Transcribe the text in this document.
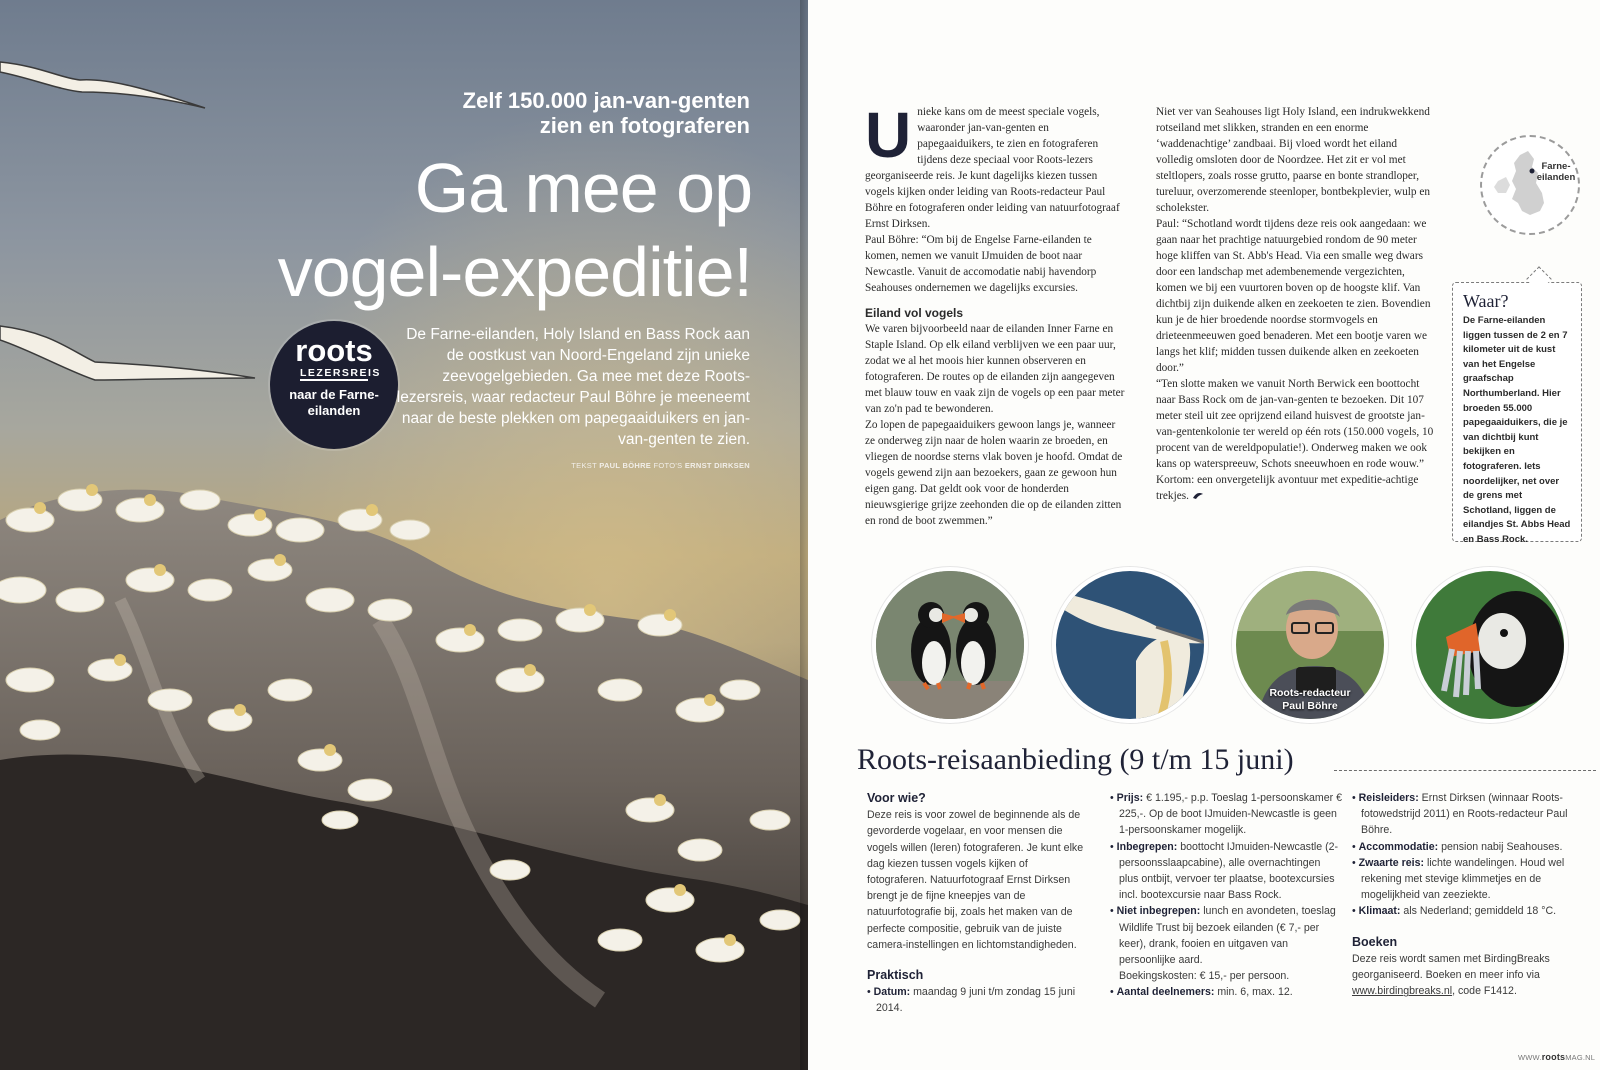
Zelf 150.000 jan-van-genten
zien en fotograferen
Ga mee op
vogel-expeditie!
roots
LEZERSREIS
naar de Farne-eilanden

De Farne-eilanden, Holy Island en Bass Rock aan de oostkust van Noord-Engeland zijn unieke zeevogelgebieden. Ga mee met deze Roots-lezersreis, waar redacteur Paul Böhre je meeneemt naar de beste plekken om papegaaiduikers en jan-van-genten te zien.

TEKST PAUL BÖHRE FOTO'S ERNST DIRKSEN
U nieke kans om de meest speciale vogels, waaronder jan-van-genten en papegaaiduikers, te zien en fotograferen tijdens deze speciaal voor Roots-lezers georganiseerde reis. Je kunt dagelijks kiezen tussen vogels kijken onder leiding van Roots-redacteur Paul Böhre en fotograferen onder leiding van natuurfotograaf Ernst Dirksen.

Paul Böhre: “Om bij de Engelse Farne-eilanden te komen, nemen we vanuit IJmuiden de boot naar Newcastle. Vanuit de accomodatie nabij havendorp Seahouses ondernemen we dagelijks excursies.

Eiland vol vogels

We varen bijvoorbeeld naar de eilanden Inner Farne en Staple Island. Op elk eiland verblijven we een paar uur, zodat we al het moois hier kunnen observeren en fotograferen. De routes op de eilanden zijn aangegeven met blauw touw en vaak zijn de vogels op een paar meter van zo'n pad te bewonderen.

Zo lopen de papegaaiduikers gewoon langs je, wanneer ze onderweg zijn naar de holen waarin ze broeden, en vliegen de noordse sterns vlak boven je hoofd. Omdat de vogels gewend zijn aan bezoekers, gaan ze gewoon hun eigen gang. Dat geldt ook voor de honderden nieuwsgierige grijze zeehonden die op de eilanden zitten en rond de boot zwemmen.”

Niet ver van Seahouses ligt Holy Island, een indrukwekkend rotseiland met slikken, stranden en een enorme ‘waddenachtige’ zandbaai. Bij vloed wordt het eiland volledig omsloten door de Noordzee. Het zit er vol met steltlopers, zoals rosse grutto, paarse en bonte strandloper, tureluur, overzomerende steenloper, bontbekplevier, wulp en scholekster.

Paul: “Schotland wordt tijdens deze reis ook aangedaan: we gaan naar het prachtige natuurgebied rondom de 90 meter hoge kliffen van St. Abb's Head. Via een smalle weg dwars door een landschap met adembenemende vergezichten, komen we bij een vuurtoren boven op de hoogste klif. Van dichtbij zijn duikende alken en zeekoeten te zien. Bovendien kun je de hier broedende noordse stormvogels en drieteenmeeuwen goed benaderen. Met een bootje varen we langs het klif; midden tussen duikende alken en zeekoeten door.”

“Ten slotte maken we vanuit North Berwick een boottocht naar Bass Rock om de jan-van-genten te bezoeken. Dit 107 meter steil uit zee oprijzend eiland huisvest de grootste jan-van-gentenkolonie ter wereld op één rots (150.000 vogels, 10 procent van de wereldpopulatie!). Onderweg maken we ook kans op waterspreeuw, Schots sneeuwhoen en rode wouw.” Kortom: een onvergetelijk avontuur met expeditie-achtige trekjes.

Farne-eilanden
Waar?

De Farne-eilanden liggen tussen de 2 en 7 kilometer uit de kust van het Engelse graafschap Northumberland. Hier broeden 55.000 papegaaiduikers, die je van dichtbij kunt bekijken en fotograferen. Iets noordelijker, net over de grens met Schotland, liggen de eilandjes St. Abbs Head en Bass Rock.

Roots-redacteur
Paul Böhre
Roots-reisaanbieding (9 t/m 15 juni)
Voor wie?

Deze reis is voor zowel de beginnende als de gevorderde vogelaar, en voor mensen die vogels willen (leren) fotograferen. Je kunt elke dag kiezen tussen vogels kijken of fotograferen. Natuurfotograaf Ernst Dirksen brengt je de fijne kneepjes van de natuurfotografie bij, zoals het maken van de perfecte compositie, gebruik van de juiste camera-instellingen en lichtomstandigheden.

Praktisch
• Datum: maandag 9 juni t/m zondag 15 juni 2014.
• Prijs: € 1.195,- p.p. Toeslag 1-persoonskamer € 225,-. Op de boot IJmuiden-Newcastle is geen 1-persoonskamer mogelijk.
• Inbegrepen: boottocht IJmuiden-Newcastle (2-persoonsslaapcabine), alle overnachtingen plus ontbijt, vervoer ter plaatse, bootexcursies incl. bootexcursie naar Bass Rock.
• Niet inbegrepen: lunch en avondeten, toeslag Wildlife Trust bij bezoek eilanden (€ 7,- per keer), drank, fooien en uitgaven van persoonlijke aard.
Boekingskosten: € 15,- per persoon.
• Aantal deelnemers: min. 6, max. 12.
• Reisleiders: Ernst Dirksen (winnaar Roots-fotowedstrijd 2011) en Roots-redacteur Paul Böhre.
• Accommodatie: pension nabij Seahouses.
• Zwaarte reis: lichte wandelingen. Houd wel rekening met stevige klimmetjes en de mogelijkheid van zeeziekte.
• Klimaat: als Nederland; gemiddeld 18 °C.
Boeken

Deze reis wordt samen met BirdingBreaks georganiseerd. Boeken en meer info via www.birdingbreaks.nl, code F1412.

WWW.rootsMAG.NL
